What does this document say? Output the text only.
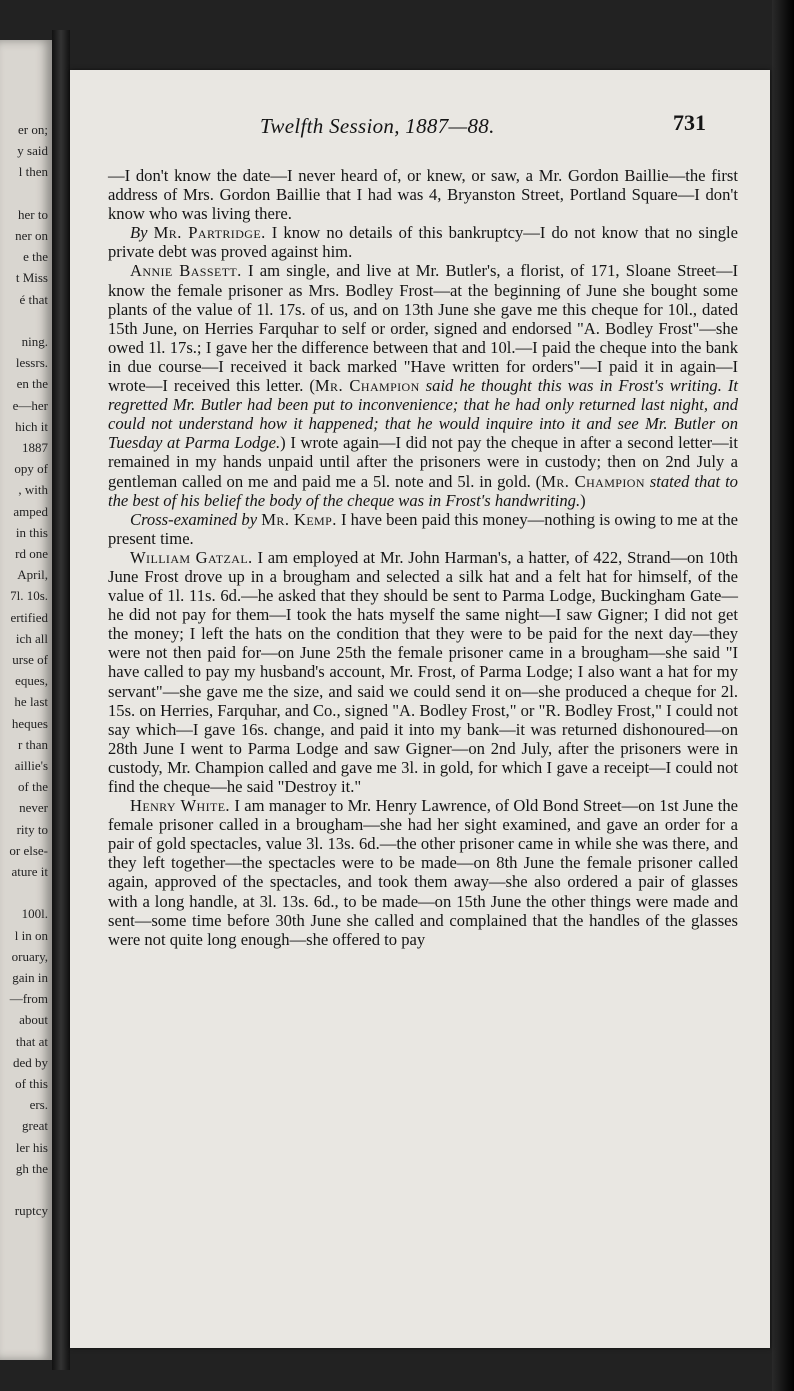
er on;
y said
l then
her to
ner on
e the
t Miss
é that
ning.
lessrs.
en the
e—her
hich it
1887
opy of
, with
amped
in this
rd one
April,
7l. 10s.
ertified
ich all
urse of
eques,
he last
heques
r than
aillie's
of the
never
rity to
or else-
ature it
100l.
l in on
oruary,
gain in
—from
about
that at
ded by
of this
ers.
great
ler his
gh the
ruptcy
Twelfth Session, 1887—88.	731

—I don't know the date—I never heard of, or knew, or saw, a Mr. Gordon Baillie—the first address of Mrs. Gordon Baillie that I had was 4, Bryanston Street, Portland Square—I don't know who was living there.

By Mr. Partridge. I know no details of this bankruptcy—I do not know that no single private debt was proved against him.

Annie Bassett. I am single, and live at Mr. Butler's, a florist, of 171, Sloane Street—I know the female prisoner as Mrs. Bodley Frost—at the beginning of June she bought some plants of the value of 1l. 17s. of us, and on 13th June she gave me this cheque for 10l., dated 15th June, on Herries Farquhar to self or order, signed and endorsed "A. Bodley Frost"—she owed 1l. 17s.; I gave her the difference between that and 10l.—I paid the cheque into the bank in due course—I received it back marked "Have written for orders"—I paid it in again—I wrote—I received this letter. (Mr. Champion said he thought this was in Frost's writing. It regretted Mr. Butler had been put to inconvenience; that he had only returned last night, and could not understand how it happened; that he would inquire into it and see Mr. Butler on Tuesday at Parma Lodge.) I wrote again—I did not pay the cheque in after a second letter—it remained in my hands unpaid until after the prisoners were in custody; then on 2nd July a gentleman called on me and paid me a 5l. note and 5l. in gold. (Mr. Champion stated that to the best of his belief the body of the cheque was in Frost's handwriting.)

Cross-examined by Mr. Kemp. I have been paid this money—nothing is owing to me at the present time.

William Gatzal. I am employed at Mr. John Harman's, a hatter, of 422, Strand—on 10th June Frost drove up in a brougham and selected a silk hat and a felt hat for himself, of the value of 1l. 11s. 6d.—he asked that they should be sent to Parma Lodge, Buckingham Gate—he did not pay for them—I took the hats myself the same night—I saw Gigner; I did not get the money; I left the hats on the condition that they were to be paid for the next day—they were not then paid for—on June 25th the female prisoner came in a brougham—she said "I have called to pay my husband's account, Mr. Frost, of Parma Lodge; I also want a hat for my servant"—she gave me the size, and said we could send it on—she produced a cheque for 2l. 15s. on Herries, Farquhar, and Co., signed "A. Bodley Frost," or "R. Bodley Frost," I could not say which—I gave 16s. change, and paid it into my bank—it was returned dishonoured—on 28th June I went to Parma Lodge and saw Gigner—on 2nd July, after the prisoners were in custody, Mr. Champion called and gave me 3l. in gold, for which I gave a receipt—I could not find the cheque—he said "Destroy it."

Henry White. I am manager to Mr. Henry Lawrence, of Old Bond Street—on 1st June the female prisoner called in a brougham—she had her sight examined, and gave an order for a pair of gold spectacles, value 3l. 13s. 6d.—the other prisoner came in while she was there, and they left together—the spectacles were to be made—on 8th June the female prisoner called again, approved of the spectacles, and took them away—she also ordered a pair of glasses with a long handle, at 3l. 13s. 6d., to be made—on 15th June the other things were made and sent—some time before 30th June she called and complained that the handles of the glasses were not quite long enough—she offered to pay
